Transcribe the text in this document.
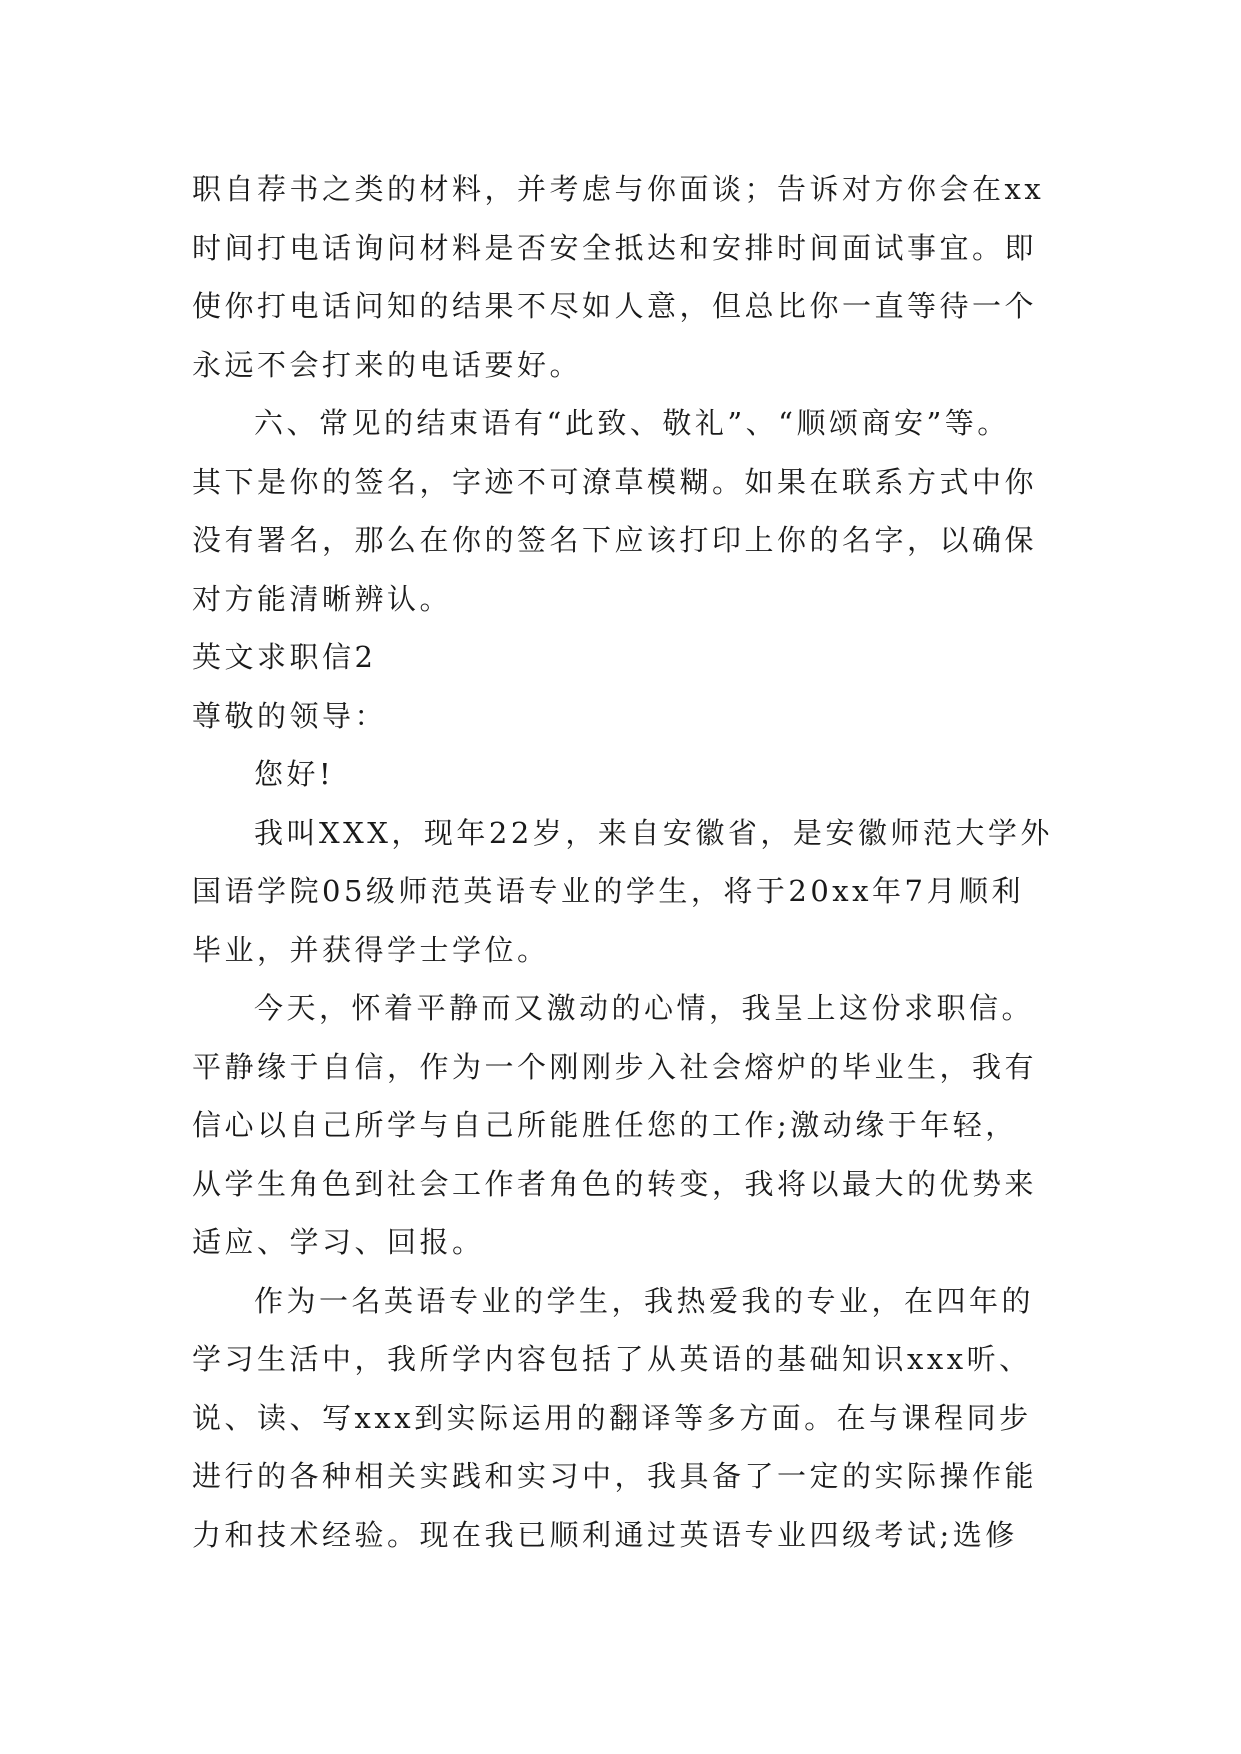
职自荐书之类的材料，并考虑与你面谈；告诉对方你会在xx
时间打电话询问材料是否安全抵达和安排时间面试事宜。即
使你打电话问知的结果不尽如人意，但总比你一直等待一个
永远不会打来的电话要好。
六、常见的结束语有“此致、敬礼”、“顺颂商安”等。
其下是你的签名，字迹不可潦草模糊。如果在联系方式中你
没有署名，那么在你的签名下应该打印上你的名字，以确保
对方能清晰辨认。
英文求职信2
尊敬的领导：
您好!
我叫XXX，现年22岁，来自安徽省，是安徽师范大学外
国语学院05级师范英语专业的学生，将于20xx年7月顺利
毕业，并获得学士学位。
今天，怀着平静而又激动的心情，我呈上这份求职信。
平静缘于自信，作为一个刚刚步入社会熔炉的毕业生，我有
信心以自己所学与自己所能胜任您的工作;激动缘于年轻，
从学生角色到社会工作者角色的转变，我将以最大的优势来
适应、学习、回报。
作为一名英语专业的学生，我热爱我的专业，在四年的
学习生活中，我所学内容包括了从英语的基础知识xxx听、
说、读、写xxx到实际运用的翻译等多方面。在与课程同步
进行的各种相关实践和实习中，我具备了一定的实际操作能
力和技术经验。现在我已顺利通过英语专业四级考试;选修
